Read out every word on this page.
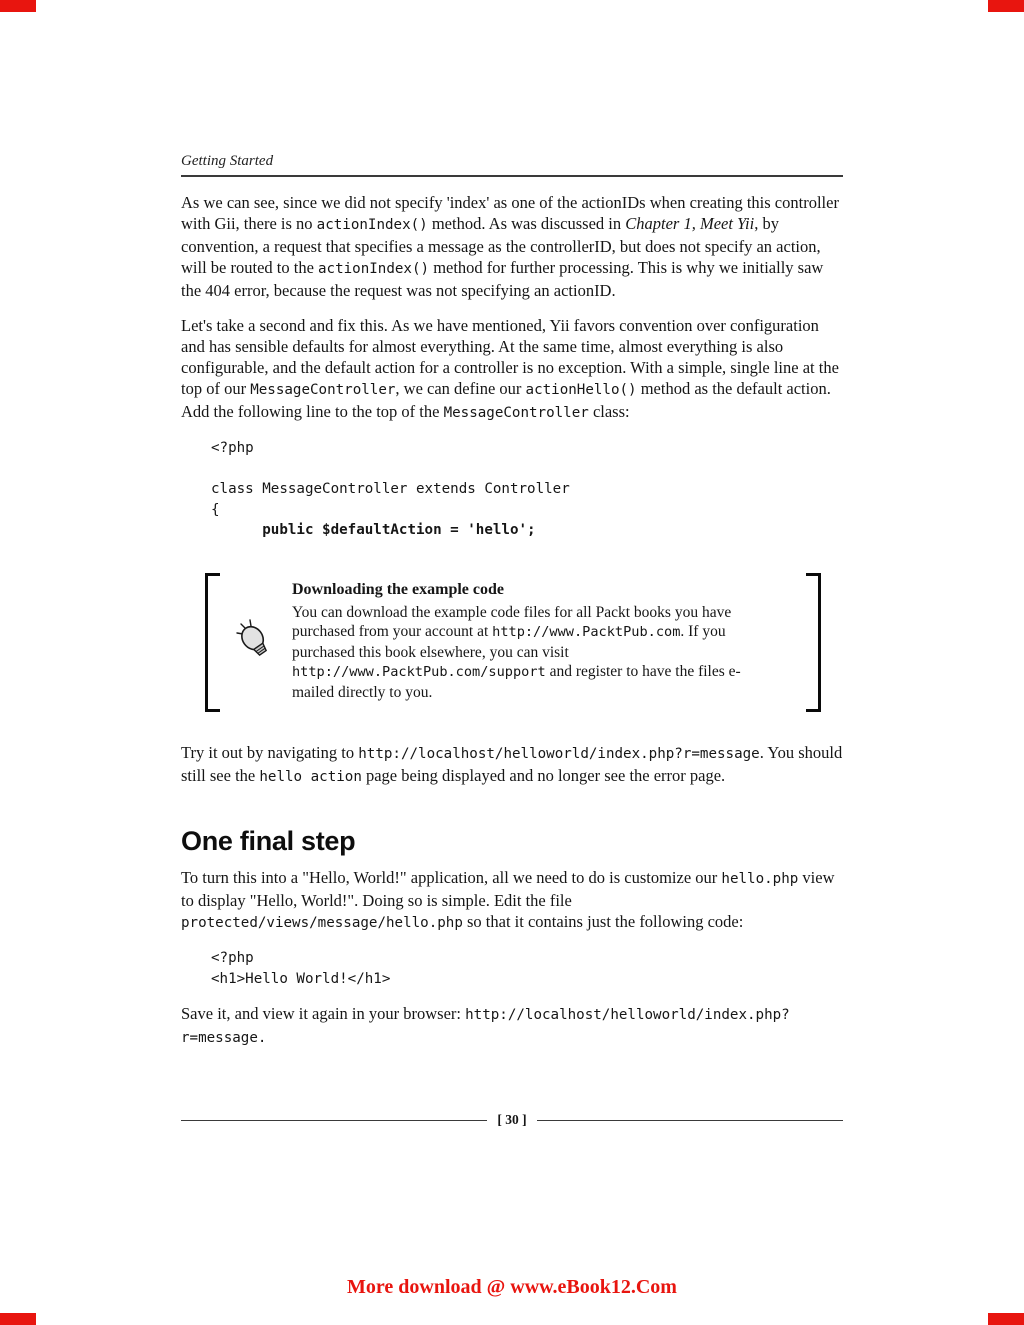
Getting Started

As we can see, since we did not specify 'index' as one of the actionIDs when creating this controller with Gii, there is no actionIndex() method. As was discussed in Chapter 1, Meet Yii, by convention, a request that specifies a message as the controllerID, but does not specify an action, will be routed to the actionIndex() method for further processing. This is why we initially saw the 404 error, because the request was not specifying an actionID.

Let's take a second and fix this. As we have mentioned, Yii favors convention over configuration and has sensible defaults for almost everything. At the same time, almost everything is also configurable, and the default action for a controller is no exception. With a simple, single line at the top of our MessageController, we can define our actionHello() method as the default action. Add the following line to the top of the MessageController class:

<?php

class MessageController extends Controller
{
public $defaultAction = 'hello';
Downloading the example code
You can download the example code files for all Packt books you have purchased from your account at http://www.PacktPub.com. If you purchased this book elsewhere, you can visit http://www.PacktPub.com/support and register to have the files e-mailed directly to you.

Try it out by navigating to http://localhost/helloworld/index.php?r=message. You should still see the hello action page being displayed and no longer see the error page.

One final step

To turn this into a "Hello, World!" application, all we need to do is customize our hello.php view to display "Hello, World!". Doing so is simple. Edit the file protected/views/message/hello.php so that it contains just the following code:

<?php
<h1>Hello World!</h1>

Save it, and view it again in your browser: http://localhost/helloworld/index.php?r=message.

[ 30 ]
More download @ www.eBook12.Com
